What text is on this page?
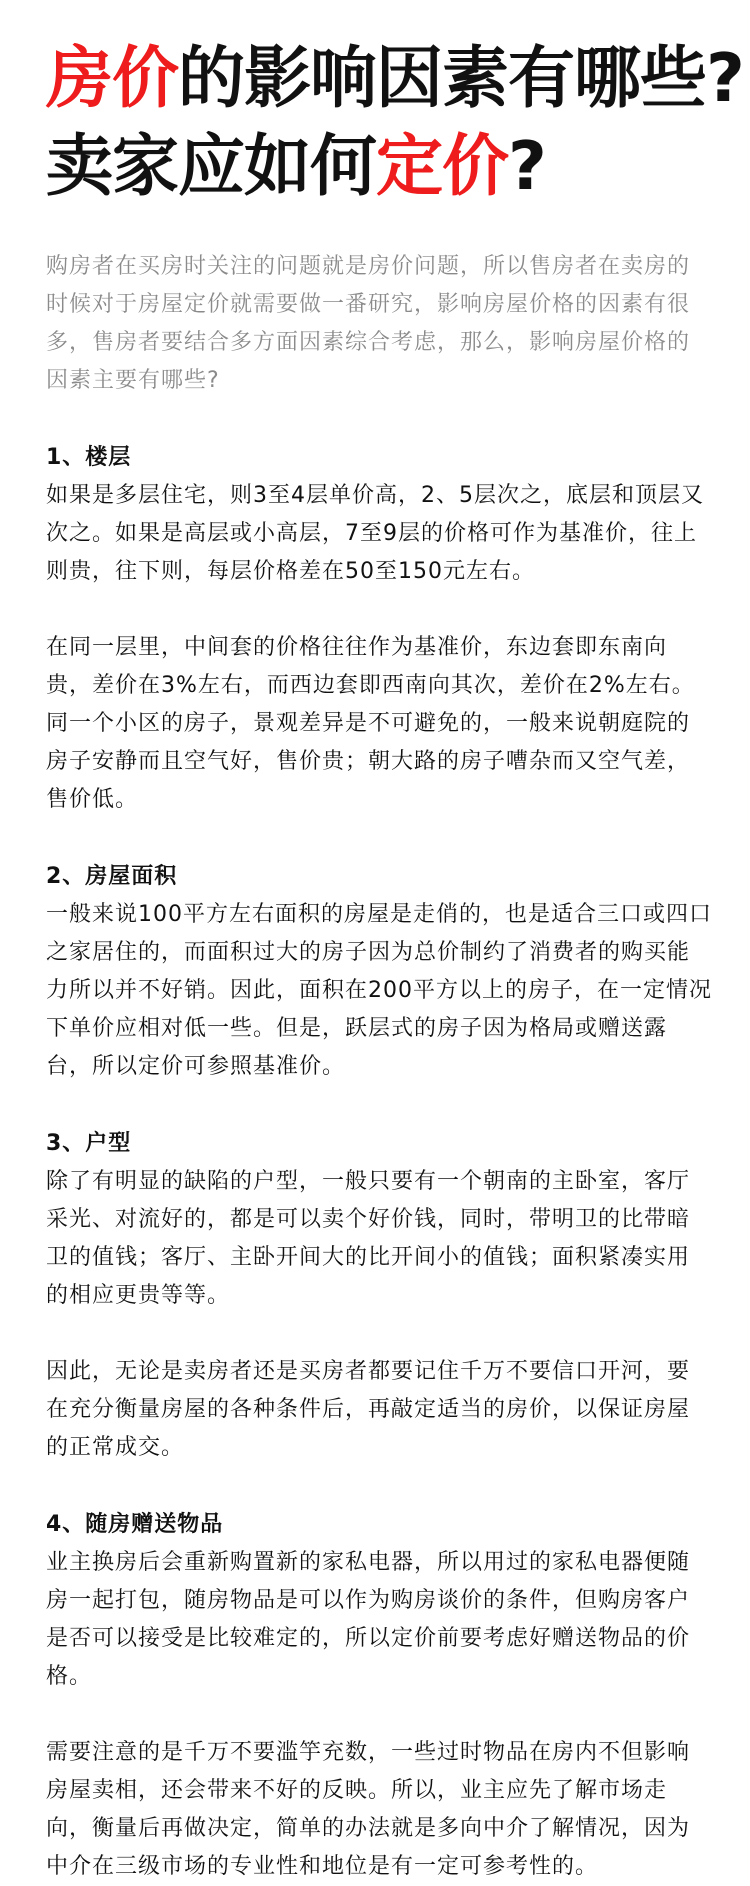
房价的影响因素有哪些?
卖家应如何定价?
购房者在买房时关注的问题就是房价问题，所以售房者在卖房的时候对于房屋定价就需要做一番研究，影响房屋价格的因素有很多，售房者要结合多方面因素综合考虑，那么，影响房屋价格的因素主要有哪些?
1、楼层

如果是多层住宅，则3至4层单价高，2、5层次之，底层和顶层又次之。如果是高层或小高层，7至9层的价格可作为基准价，往上则贵，往下则，每层价格差在50至150元左右。

在同一层里，中间套的价格往往作为基准价，东边套即东南向贵，差价在3%左右，而西边套即西南向其次，差价在2%左右。同一个小区的房子，景观差异是不可避免的，一般来说朝庭院的房子安静而且空气好，售价贵；朝大路的房子嘈杂而又空气差，售价低。

2、房屋面积

一般来说100平方左右面积的房屋是走俏的，也是适合三口或四口之家居住的，而面积过大的房子因为总价制约了消费者的购买能力所以并不好销。因此，面积在200平方以上的房子，在一定情况下单价应相对低一些。但是，跃层式的房子因为格局或赠送露台，所以定价可参照基准价。

3、户型

除了有明显的缺陷的户型，一般只要有一个朝南的主卧室，客厅采光、对流好的，都是可以卖个好价钱，同时，带明卫的比带暗卫的值钱；客厅、主卧开间大的比开间小的值钱；面积紧凑实用的相应更贵等等。

因此，无论是卖房者还是买房者都要记住千万不要信口开河，要在充分衡量房屋的各种条件后，再敲定适当的房价，以保证房屋的正常成交。

4、随房赠送物品

业主换房后会重新购置新的家私电器，所以用过的家私电器便随房一起打包，随房物品是可以作为购房谈价的条件，但购房客户是否可以接受是比较难定的，所以定价前要考虑好赠送物品的价格。

需要注意的是千万不要滥竽充数，一些过时物品在房内不但影响房屋卖相，还会带来不好的反映。所以，业主应先了解市场走向，衡量后再做决定，简单的办法就是多向中介了解情况，因为中介在三级市场的专业性和地位是有一定可参考性的。
